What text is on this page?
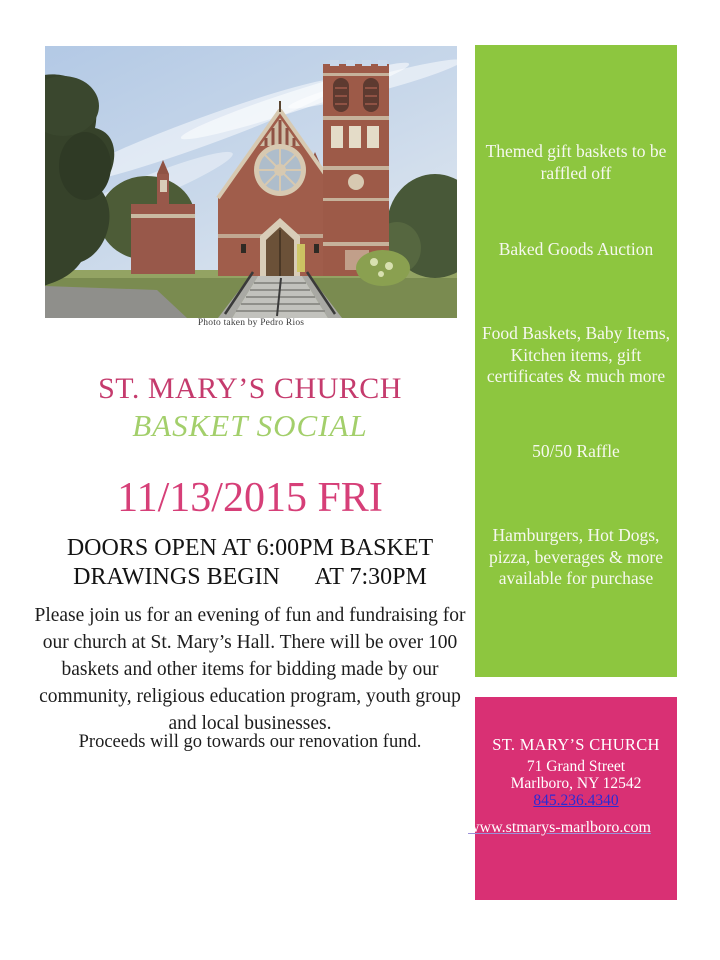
Photo taken by Pedro Rios
ST. MARY’S CHURCH
BASKET SOCIAL
11/13/2015 FRI
DOORS OPEN AT 6:00PM BASKET
DRAWINGS BEGIN      AT 7:30PM
Please join us for an evening of fun and fundraising for our church at St. Mary’s Hall. There will be over 100 baskets and other items for bidding made by our community, religious education program, youth group and local businesses.
Proceeds will go towards our renovation fund.
Themed gift baskets to be raffled off
Baked Goods Auction
Food Baskets, Baby Items, Kitchen items, gift certificates & much more
50/50 Raffle
Hamburgers, Hot Dogs, pizza, beverages & more available for purchase
ST. MARY’S CHURCH
71 Grand Street
Marlboro, NY 12542
845.236.4340
www.stmarys-marlboro.com
